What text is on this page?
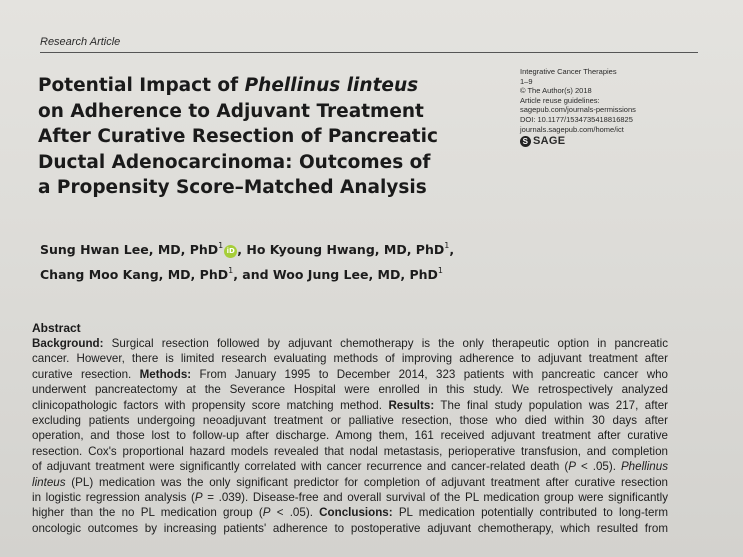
Research Article
Potential Impact of Phellinus linteus
on Adherence to Adjuvant Treatment
After Curative Resection of Pancreatic
Ductal Adenocarcinoma: Outcomes of
a Propensity Score–Matched Analysis
Integrative Cancer Therapies
1–9
© The Author(s) 2018
Article reuse guidelines:
sagepub.com/journals-permissions
DOI: 10.1177/1534735418816825
journals.sagepub.com/home/ict
S SAGE
Sung Hwan Lee, MD, PhD$^1$iD , Ho Kyoung Hwang, MD, PhD$^1$,
Chang Moo Kang, MD, PhD$^1$, and Woo Jung Lee, MD, PhD$^1$
Abstract
Background: Surgical resection followed by adjuvant chemotherapy is the only therapeutic option in pancreatic
cancer. However, there is limited research evaluating methods of improving adherence to adjuvant treatment after
curative resection. Methods: From January 1995 to December 2014, 323 patients with pancreatic cancer who
underwent pancreatectomy at the Severance Hospital were enrolled in this study. We retrospectively analyzed
clinicopathologic factors with propensity score matching method. Results: The final study population was 217, after
excluding patients undergoing neoadjuvant treatment or palliative resection, those who died within 30 days after
operation, and those lost to follow-up after discharge. Among them, 161 received adjuvant treatment after curative
resection. Cox's proportional hazard models revealed that nodal metastasis, perioperative transfusion, and completion
of adjuvant treatment were significantly correlated with cancer recurrence and cancer-related death (P < .05). Phellinus
linteus (PL) medication was the only significant predictor for completion of adjuvant treatment after curative resection
in logistic regression analysis (P = .039). Disease-free and overall survival of the PL medication group were significantly
higher than the no PL medication group (P < .05). Conclusions: PL medication potentially contributed to long-term
oncologic outcomes by increasing patients' adherence to postoperative adjuvant chemotherapy, which resulted from
